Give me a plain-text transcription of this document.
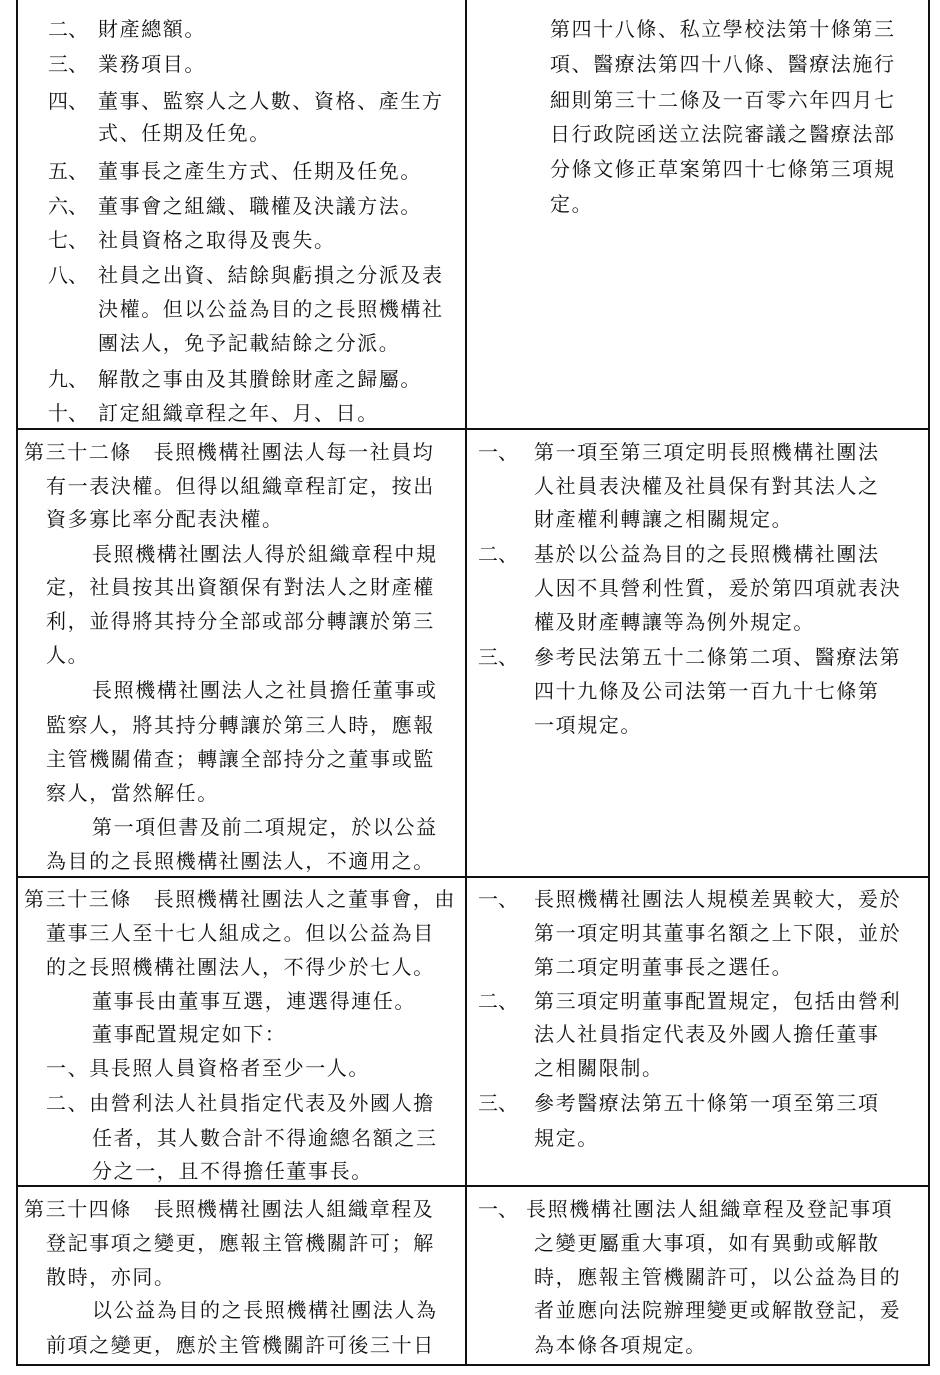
二、 財產總額。
三、 業務項目。
四、 董事、監察人之人數、資格、產生方
式、任期及任免。
五、 董事長之產生方式、任期及任免。
六、 董事會之組織、職權及決議方法。
七、 社員資格之取得及喪失。
八、 社員之出資、結餘與虧損之分派及表
決權。但以公益為目的之長照機構社
團法人，免予記載結餘之分派。
九、 解散之事由及其賸餘財產之歸屬。
十、 訂定組織章程之年、月、日。
第四十八條、私立學校法第十條第三
項、醫療法第四十八條、醫療法施行
細則第三十二條及一百零六年四月七
日行政院函送立法院審議之醫療法部
分條文修正草案第四十七條第三項規
定。
第三十二條　長照機構社團法人每一社員均
有一表決權。但得以組織章程訂定，按出
資多寡比率分配表決權。
長照機構社團法人得於組織章程中規
定，社員按其出資額保有對法人之財產權
利，並得將其持分全部或部分轉讓於第三
人。
長照機構社團法人之社員擔任董事或
監察人，將其持分轉讓於第三人時，應報
主管機關備查；轉讓全部持分之董事或監
察人，當然解任。
第一項但書及前二項規定，於以公益
為目的之長照機構社團法人，不適用之。
一、 第一項至第三項定明長照機構社團法
人社員表決權及社員保有對其法人之
財產權利轉讓之相關規定。
二、 基於以公益為目的之長照機構社團法
人因不具營利性質，爰於第四項就表決
權及財產轉讓等為例外規定。
三、 參考民法第五十二條第二項、醫療法第
四十九條及公司法第一百九十七條第
一項規定。
第三十三條　長照機構社團法人之董事會，由
董事三人至十七人組成之。但以公益為目
的之長照機構社團法人，不得少於七人。
董事長由董事互選，連選得連任。
董事配置規定如下：
一、具長照人員資格者至少一人。
二、由營利法人社員指定代表及外國人擔
任者，其人數合計不得逾總名額之三
分之一，且不得擔任董事長。
一、 長照機構社團法人規模差異較大，爰於
第一項定明其董事名額之上下限，並於
第二項定明董事長之選任。
二、 第三項定明董事配置規定，包括由營利
法人社員指定代表及外國人擔任董事
之相關限制。
三、 參考醫療法第五十條第一項至第三項
規定。
第三十四條　長照機構社團法人組織章程及
登記事項之變更，應報主管機關許可；解
散時，亦同。
以公益為目的之長照機構社團法人為
前項之變更，應於主管機關許可後三十日
一、 長照機構社團法人組織章程及登記事項
之變更屬重大事項，如有異動或解散
時，應報主管機關許可，以公益為目的
者並應向法院辦理變更或解散登記，爰
為本條各項規定。
